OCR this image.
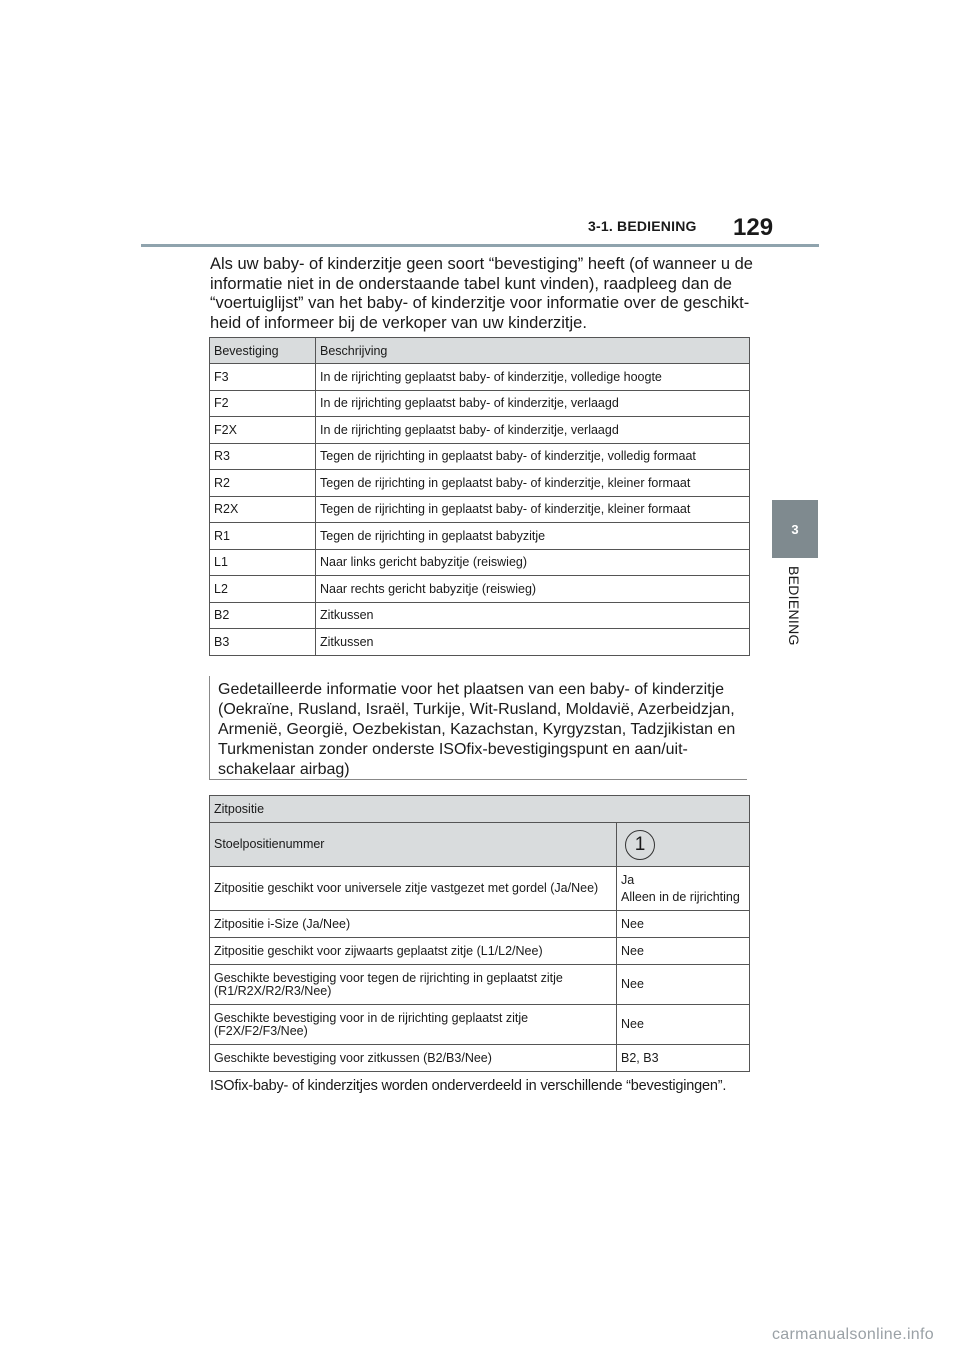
3-1. BEDIENING 129
3
BEDIENING

Als uw baby- of kinderzitje geen soort “bevestiging” heeft (of wanneer u de informatie niet in de onderstaande tabel kunt vinden), raadpleeg dan de “voertuiglijst” van het baby- of kinderzitje voor informatie over de geschikt-heid of informeer bij de verkoper van uw kinderzitje.

Bevestiging	Beschrijving
F3	In de rijrichting geplaatst baby- of kinderzitje, volledige hoogte
F2	In de rijrichting geplaatst baby- of kinderzitje, verlaagd
F2X	In de rijrichting geplaatst baby- of kinderzitje, verlaagd
R3	Tegen de rijrichting in geplaatst baby- of kinderzitje, volledig formaat
R2	Tegen de rijrichting in geplaatst baby- of kinderzitje, kleiner formaat
R2X	Tegen de rijrichting in geplaatst baby- of kinderzitje, kleiner formaat
R1	Tegen de rijrichting in geplaatst babyzitje
L1	Naar links gericht babyzitje (reiswieg)
L2	Naar rechts gericht babyzitje (reiswieg)
B2	Zitkussen
B3	Zitkussen

Gedetailleerde informatie voor het plaatsen van een baby- of kinderzitje (Oekraïne, Rusland, Israël, Turkije, Wit-Rusland, Moldavië, Azerbeidzjan, Armenië, Georgië, Oezbekistan, Kazachstan, Kyrgyzstan, Tadzjikistan en Turkmenistan zonder onderste ISOfix-bevestigingspunt en aan/uit-schakelaar airbag)

Zitpositie	
Stoelpositienummer	1
Zitpositie geschikt voor universele zitje vastgezet met gordel (Ja/Nee)	Ja
Alleen in de rijrichting

Zitpositie i-Size (Ja/Nee)	Nee
Zitpositie geschikt voor zijwaarts geplaatst zitje (L1/L2/Nee)	Nee
Geschikte bevestiging voor tegen de rijrichting in geplaatst zitje (R1/R2X/R2/R3/Nee)	Nee
Geschikte bevestiging voor in de rijrichting geplaatst zitje (F2X/F2/F3/Nee)	Nee
Geschikte bevestiging voor zitkussen (B2/B3/Nee)	B2, B3

ISOfix-baby- of kinderzitjes worden onderverdeeld in verschillende “bevestigingen”.

carmanualsonline.info
